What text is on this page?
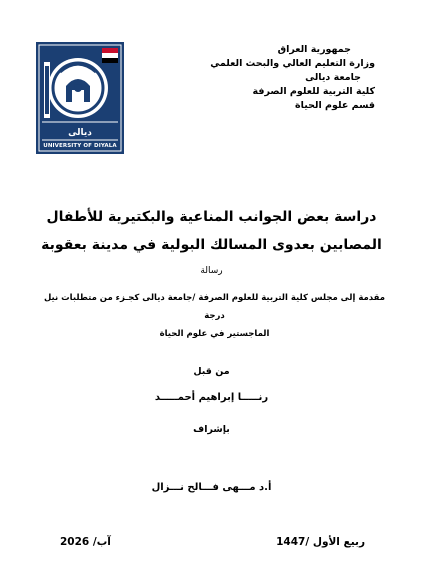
ديالى
UNIVERSITY OF DIYALA
جمهورية العراق
وزارة التعليم العالي والبحث العلمي
جامعة ديالى
كلية التربية للعلوم الصرفة
قسم علوم الحياة
دراسة بعض الجوانب المناعية والبكتيرية للأطفال
المصابين بعدوى المسالك البولية في مدينة بعقوبة
رسالة
مقدمة إلى مجلس كلية التربية للعلوم الصرفة /جامعة ديالى كجـزء من متطلبات نيل درجة
الماجستير في علوم الحياة
من قبل
رنـــــا إبراهيم أحمـــــد
بإشراف
أ.د مـــهى فـــالح نـــزال
ربيع الأول /1447
آب/ 2026
